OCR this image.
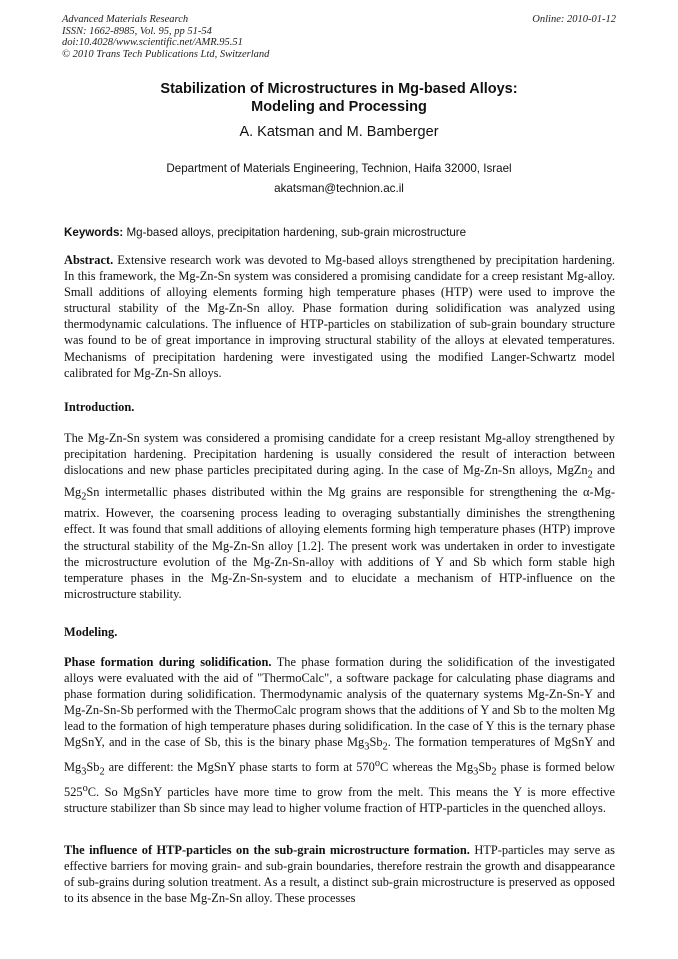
Advanced Materials Research
ISSN: 1662-8985, Vol. 95, pp 51-54
doi:10.4028/www.scientific.net/AMR.95.51
© 2010 Trans Tech Publications Ltd, Switzerland
Online: 2010-01-12
Stabilization of Microstructures in Mg-based Alloys:
Modeling and Processing
A. Katsman and M. Bamberger
Department of Materials Engineering, Technion, Haifa 32000, Israel
akatsman@technion.ac.il
Keywords: Mg-based alloys, precipitation hardening, sub-grain microstructure
Abstract. Extensive research work was devoted to Mg-based alloys strengthened by precipitation hardening. In this framework, the Mg-Zn-Sn system was considered a promising candidate for a creep resistant Mg-alloy. Small additions of alloying elements forming high temperature phases (HTP) were used to improve the structural stability of the Mg-Zn-Sn alloy. Phase formation during solidification was analyzed using thermodynamic calculations. The influence of HTP-particles on stabilization of sub-grain boundary structure was found to be of great importance in improving structural stability of the alloys at elevated temperatures. Mechanisms of precipitation hardening were investigated using the modified Langer-Schwartz model calibrated for Mg-Zn-Sn alloys.
Introduction.
The Mg-Zn-Sn system was considered a promising candidate for a creep resistant Mg-alloy strengthened by precipitation hardening. Precipitation hardening is usually considered the result of interaction between dislocations and new phase particles precipitated during aging. In the case of Mg-Zn-Sn alloys, MgZn$_2$ and $Mg_2Sn$ intermetallic phases distributed within the Mg grains are responsible for strengthening the α-Mg-matrix. However, the coarsening process leading to overaging substantially diminishes the strengthening effect. It was found that small additions of alloying elements forming high temperature phases (HTP) improve the structural stability of the Mg-Zn-Sn alloy [1.2]. The present work was undertaken in order to investigate the microstructure evolution of the Mg-Zn-Sn-alloy with additions of Y and Sb which form stable high temperature phases in the Mg-Zn-Sn-system and to elucidate a mechanism of HTP-influence on the microstructure stability.
Modeling.
Phase formation during solidification. The phase formation during the solidification of the investigated alloys were evaluated with the aid of "ThermoCalc", a software package for calculating phase diagrams and phase formation during solidification. Thermodynamic analysis of the quaternary systems Mg-Zn-Sn-Y and Mg-Zn-Sn-Sb performed with the ThermoCalc program shows that the additions of Y and Sb to the molten Mg lead to the formation of high temperature phases during solidification. In the case of Y this is the ternary phase MgSnY, and in the case of Sb, this is the binary phase $Mg_3Sb_2$. The formation temperatures of MgSnY and $Mg_3Sb_2$ are different: the MgSnY phase starts to form at 570$^o$C whereas the $Mg_3Sb_2$ phase is formed below 525$^o$C. So MgSnY particles have more time to grow from the melt. This means the Y is more effective structure stabilizer than Sb since may lead to higher volume fraction of HTP-particles in the quenched alloys.
The influence of HTP-particles on the sub-grain microstructure formation. HTP-particles may serve as effective barriers for moving grain- and sub-grain boundaries, therefore restrain the growth and disappearance of sub-grains during solution treatment. As a result, a distinct sub-grain microstructure is preserved as opposed to its absence in the base Mg-Zn-Sn alloy. These processes
